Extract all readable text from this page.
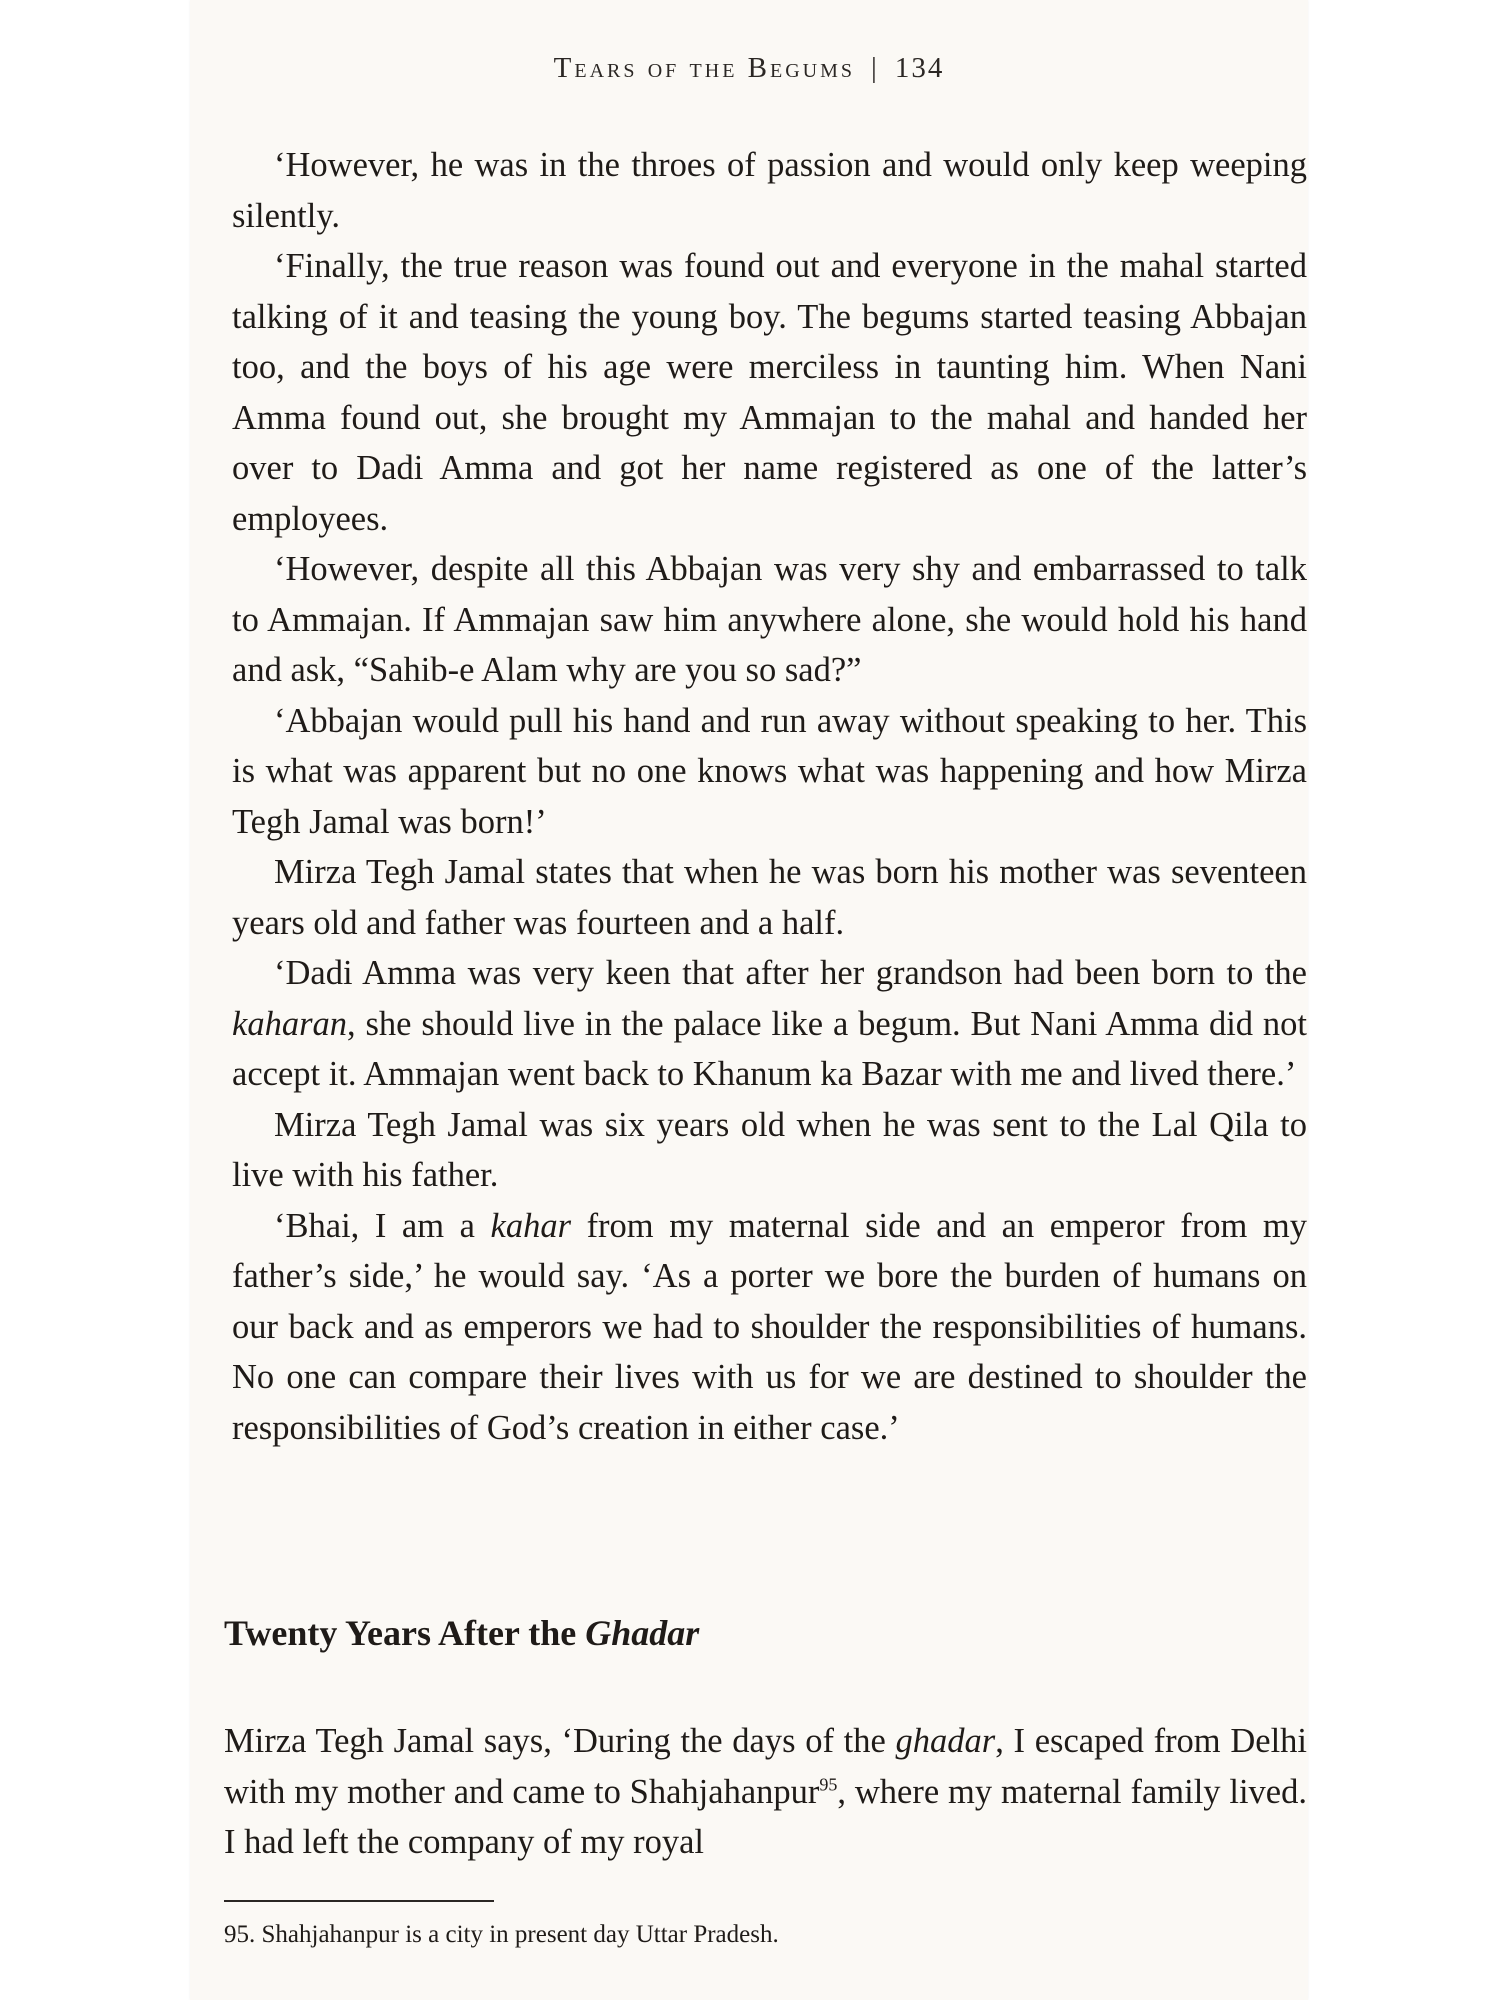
Tears of the Begums | 134

‘However, he was in the throes of passion and would only keep weeping silently.

‘Finally, the true reason was found out and everyone in the mahal started talking of it and teasing the young boy. The begums started teasing Abbajan too, and the boys of his age were merciless in taunting him. When Nani Amma found out, she brought my Ammajan to the mahal and handed her over to Dadi Amma and got her name registered as one of the latter’s employees.

‘However, despite all this Abbajan was very shy and embarrassed to talk to Ammajan. If Ammajan saw him anywhere alone, she would hold his hand and ask, “Sahib-e Alam why are you so sad?”

‘Abbajan would pull his hand and run away without speaking to her. This is what was apparent but no one knows what was happening and how Mirza Tegh Jamal was born!’

Mirza Tegh Jamal states that when he was born his mother was seventeen years old and father was fourteen and a half.

‘Dadi Amma was very keen that after her grandson had been born to the kaharan, she should live in the palace like a begum. But Nani Amma did not accept it. Ammajan went back to Khanum ka Bazar with me and lived there.’

Mirza Tegh Jamal was six years old when he was sent to the Lal Qila to live with his father.

‘Bhai, I am a kahar from my maternal side and an emperor from my father’s side,’ he would say. ‘As a porter we bore the burden of humans on our back and as emperors we had to shoulder the responsibilities of humans. No one can compare their lives with us for we are destined to shoulder the responsibilities of God’s creation in either case.’

Twenty Years After the Ghadar

Mirza Tegh Jamal says, ‘During the days of the ghadar, I escaped from Delhi with my mother and came to Shahjahanpur$^{95}$, where my maternal family lived. I had left the company of my royal

95. Shahjahanpur is a city in present day Uttar Pradesh.
